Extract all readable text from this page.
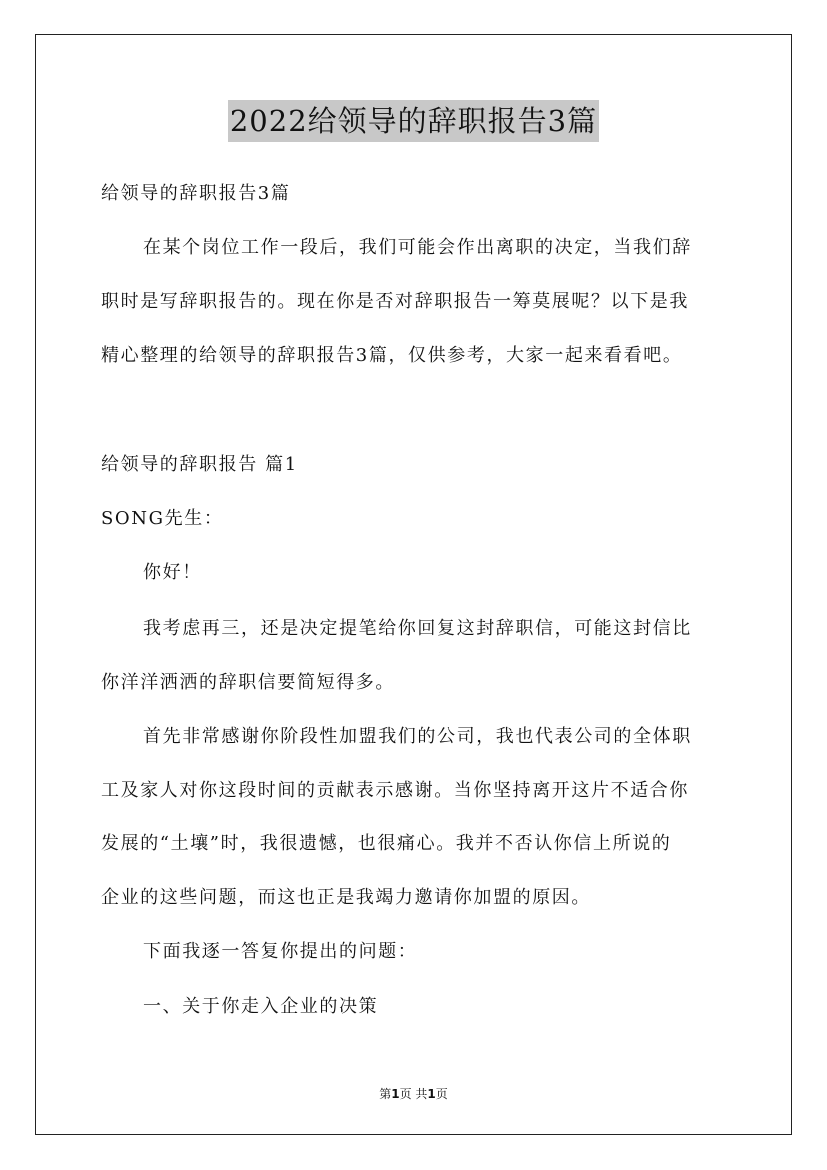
2022给领导的辞职报告3篇
给领导的辞职报告3篇
在某个岗位工作一段后，我们可能会作出离职的决定，当我们辞
职时是写辞职报告的。现在你是否对辞职报告一筹莫展呢？以下是我
精心整理的给领导的辞职报告3篇，仅供参考，大家一起来看看吧。
给领导的辞职报告 篇1
SONG先生：
你好！
我考虑再三，还是决定提笔给你回复这封辞职信，可能这封信比
你洋洋洒洒的辞职信要简短得多。
首先非常感谢你阶段性加盟我们的公司，我也代表公司的全体职
工及家人对你这段时间的贡献表示感谢。当你坚持离开这片不适合你
发展的“土壤”时，我很遗憾，也很痛心。我并不否认你信上所说的
企业的这些问题，而这也正是我竭力邀请你加盟的原因。
下面我逐一答复你提出的问题：
一、关于你走入企业的决策
第1页 共1页
